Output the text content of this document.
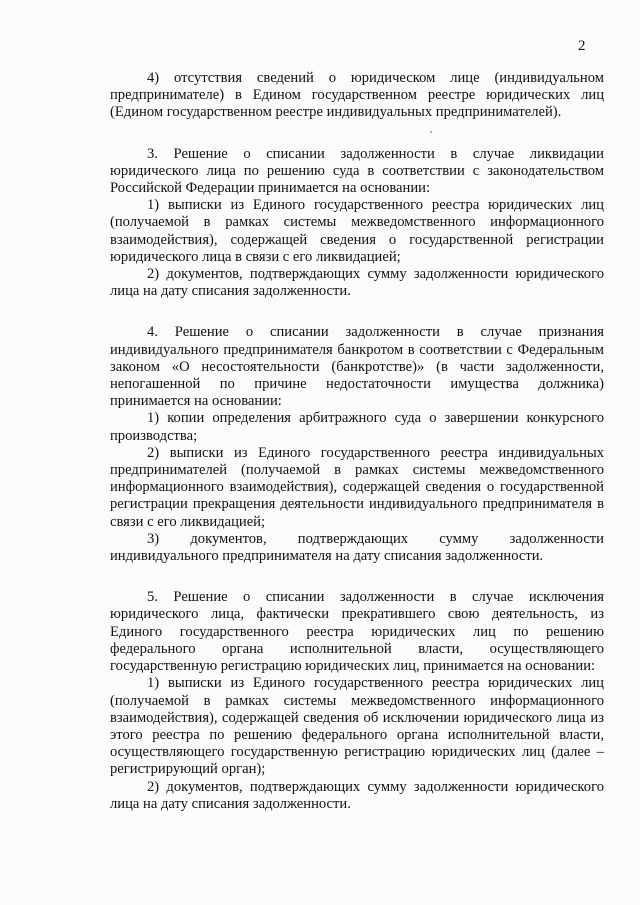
2

4) отсутствия сведений о юридическом лице (индивидуальном предпринимателе) в Едином государственном реестре юридических лиц (Едином государственном реестре индивидуальных предпринимателей).

3. Решение о списании задолженности в случае ликвидации юридического лица по решению суда в соответствии с законодательством Российской Федерации принимается на основании:

1) выписки из Единого государственного реестра юридических лиц (получаемой в рамках системы межведомственного информационного взаимодействия), содержащей сведения о государственной регистрации юридического лица в связи с его ликвидацией;

2) документов, подтверждающих сумму задолженности юридического лица на дату списания задолженности.

4. Решение о списании задолженности в случае признания индивидуального предпринимателя банкротом в соответствии с Федеральным законом «О несостоятельности (банкротстве)» (в части задолженности, непогашенной по причине недостаточности имущества должника) принимается на основании:

1) копии определения арбитражного суда о завершении конкурсного производства;

2) выписки из Единого государственного реестра индивидуальных предпринимателей (получаемой в рамках системы межведомственного информационного взаимодействия), содержащей сведения о государственной регистрации прекращения деятельности индивидуального предпринимателя в связи с его ликвидацией;

3) документов, подтверждающих сумму задолженности индивидуального предпринимателя на дату списания задолженности.

5. Решение о списании задолженности в случае исключения юридического лица, фактически прекратившего свою деятельность, из Единого государственного реестра юридических лиц по решению федерального органа исполнительной власти, осуществляющего государственную регистрацию юридических лиц, принимается на основании:

1) выписки из Единого государственного реестра юридических лиц (получаемой в рамках системы межведомственного информационного взаимодействия), содержащей сведения об исключении юридического лица из этого реестра по решению федерального органа исполнительной власти, осуществляющего государственную регистрацию юридических лиц (далее – регистрирующий орган);

2) документов, подтверждающих сумму задолженности юридического лица на дату списания задолженности.
